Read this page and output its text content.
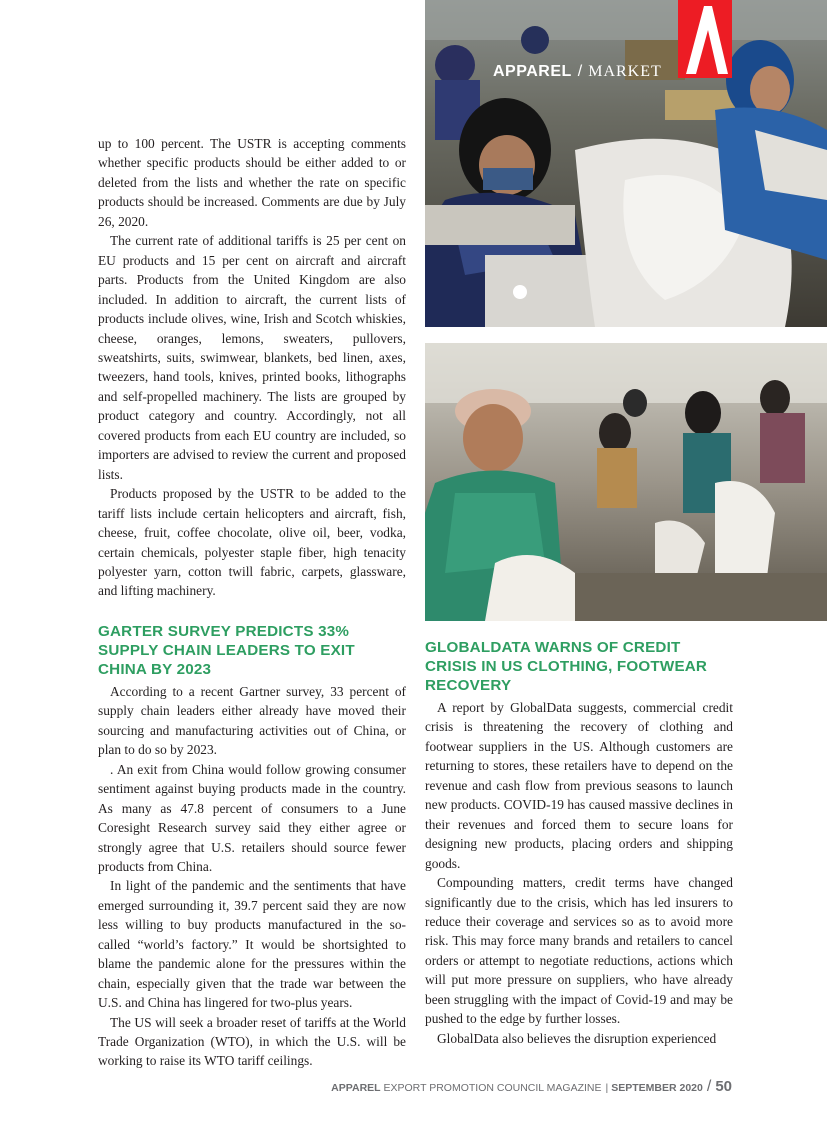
APPAREL / MARKET

up to 100 percent. The USTR is accepting comments whether specific products should be either added to or deleted from the lists and whether the rate on specific products should be increased. Comments are due by July 26, 2020.

The current rate of additional tariffs is 25 per cent on EU products and 15 per cent on aircraft and aircraft parts. Products from the United Kingdom are also included. In addition to aircraft, the current lists of products include olives, wine, Irish and Scotch whiskies, cheese, oranges, lemons, sweaters, pullovers, sweatshirts, suits, swimwear, blankets, bed linen, axes, tweezers, hand tools, knives, printed books, lithographs and self-propelled machinery. The lists are grouped by product category and country. Accordingly, not all covered products from each EU country are included, so importers are advised to review the current and proposed lists.

Products proposed by the USTR to be added to the tariff lists include certain helicopters and aircraft, fish, cheese, fruit, coffee chocolate, olive oil, beer, vodka, certain chemicals, polyester staple fiber, high tenacity polyester yarn, cotton twill fabric, carpets, glassware, and lifting machinery.

GARTER SURVEY PREDICTS 33% SUPPLY CHAIN LEADERS TO EXIT CHINA BY 2023

According to a recent Gartner survey, 33 percent of supply chain leaders either already have moved their sourcing and manufacturing activities out of China, or plan to do so by 2023.

. An exit from China would follow growing consumer sentiment against buying products made in the country. As many as 47.8 percent of consumers to a June Coresight Research survey said they either agree or strongly agree that U.S. retailers should source fewer products from China.

In light of the pandemic and the sentiments that have emerged surrounding it, 39.7 percent said they are now less willing to buy products manufactured in the so-called “world’s factory.” It would be shortsighted to blame the pandemic alone for the pressures within the chain, especially given that the trade war between the U.S. and China has lingered for two-plus years.

The US will seek a broader reset of tariffs at the World Trade Organization (WTO), in which the U.S. will be working to raise its WTO tariff ceilings.

GLOBALDATA WARNS OF CREDIT CRISIS IN US CLOTHING, FOOTWEAR RECOVERY

A report by GlobalData suggests, commercial credit crisis is threatening the recovery of clothing and footwear suppliers in the US. Although customers are returning to stores, these retailers have to depend on the revenue and cash flow from previous seasons to launch new products. COVID-19 has caused massive declines in their revenues and forced them to secure loans for designing new products, placing orders and shipping goods.

Compounding matters, credit terms have changed significantly due to the crisis, which has led insurers to reduce their coverage and services so as to avoid more risk. This may force many brands and retailers to cancel orders or attempt to negotiate reductions, actions which will put more pressure on suppliers, who have already been struggling with the impact of Covid-19 and may be pushed to the edge by further losses.

GlobalData also believes the disruption experienced

APPAREL EXPORT PROMOTION COUNCIL MAGAZINE | SEPTEMBER 2020 / 50
